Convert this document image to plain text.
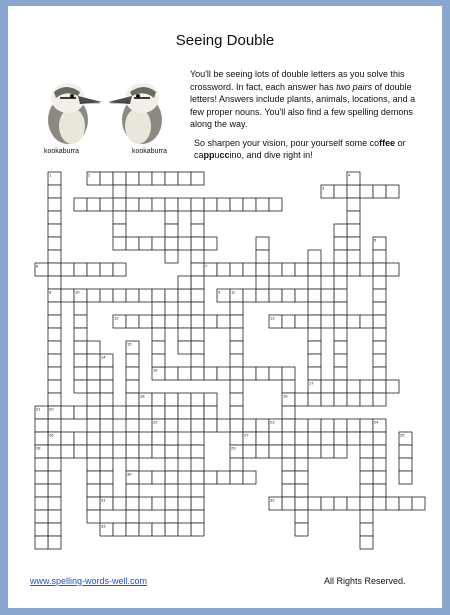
Seeing Double
kookaburra	kookaburra

You'll be seeing lots of double letters as you solve this crossword. In fact, each answer has two pairs of double letters! Answers include plants, animals, locations, and a few proper nouns. You'll also find a few spelling demons along the way.

So sharpen your vision, pour yourself some coffee or cappuccino, and dive right in!

1	2
3
4
5
6	7
8	9
10	11
12	13
14
15
16
17
18	19
20
21
22	23	24
25
26	27
28	29
30
31	32
33
www.spelling-words-well.com	All Rights Reserved.
